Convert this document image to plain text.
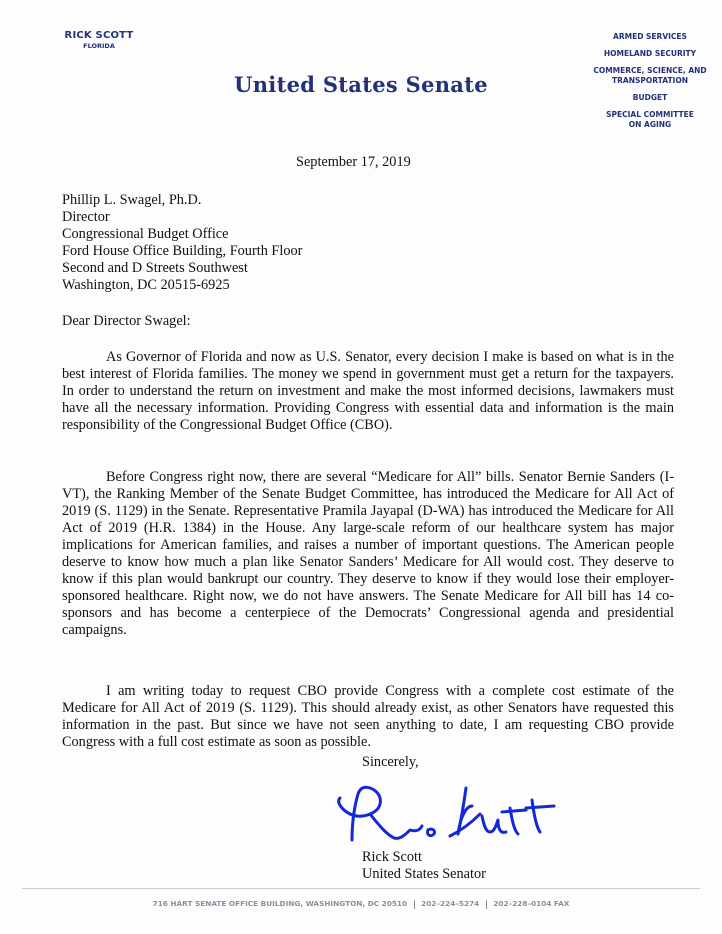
RICK SCOTT
FLORIDA
United States Senate
ARMED SERVICES
HOMELAND SECURITY
COMMERCE, SCIENCE, AND TRANSPORTATION
BUDGET
SPECIAL COMMITTEE ON AGING
September 17, 2019
Phillip L. Swagel, Ph.D.
Director
Congressional Budget Office
Ford House Office Building, Fourth Floor
Second and D Streets Southwest
Washington, DC 20515-6925
Dear Director Swagel:
As Governor of Florida and now as U.S. Senator, every decision I make is based on what is in the best interest of Florida families. The money we spend in government must get a return for the taxpayers. In order to understand the return on investment and make the most informed decisions, lawmakers must have all the necessary information. Providing Congress with essential data and information is the main responsibility of the Congressional Budget Office (CBO).
Before Congress right now, there are several “Medicare for All” bills. Senator Bernie Sanders (I-VT), the Ranking Member of the Senate Budget Committee, has introduced the Medicare for All Act of 2019 (S. 1129) in the Senate. Representative Pramila Jayapal (D-WA) has introduced the Medicare for All Act of 2019 (H.R. 1384) in the House. Any large-scale reform of our healthcare system has major implications for American families, and raises a number of important questions. The American people deserve to know how much a plan like Senator Sanders’ Medicare for All would cost. They deserve to know if this plan would bankrupt our country. They deserve to know if they would lose their employer-sponsored healthcare. Right now, we do not have answers. The Senate Medicare for All bill has 14 co-sponsors and has become a centerpiece of the Democrats’ Congressional agenda and presidential campaigns.
I am writing today to request CBO provide Congress with a complete cost estimate of the Medicare for All Act of 2019 (S. 1129). This should already exist, as other Senators have requested this information in the past. But since we have not seen anything to date, I am requesting CBO provide Congress with a full cost estimate as soon as possible.
Sincerely,
Rick Scott
United States Senator
716 HART SENATE OFFICE BUILDING, WASHINGTON, DC 20510 202–224–5274 202–228–0104 FAX
